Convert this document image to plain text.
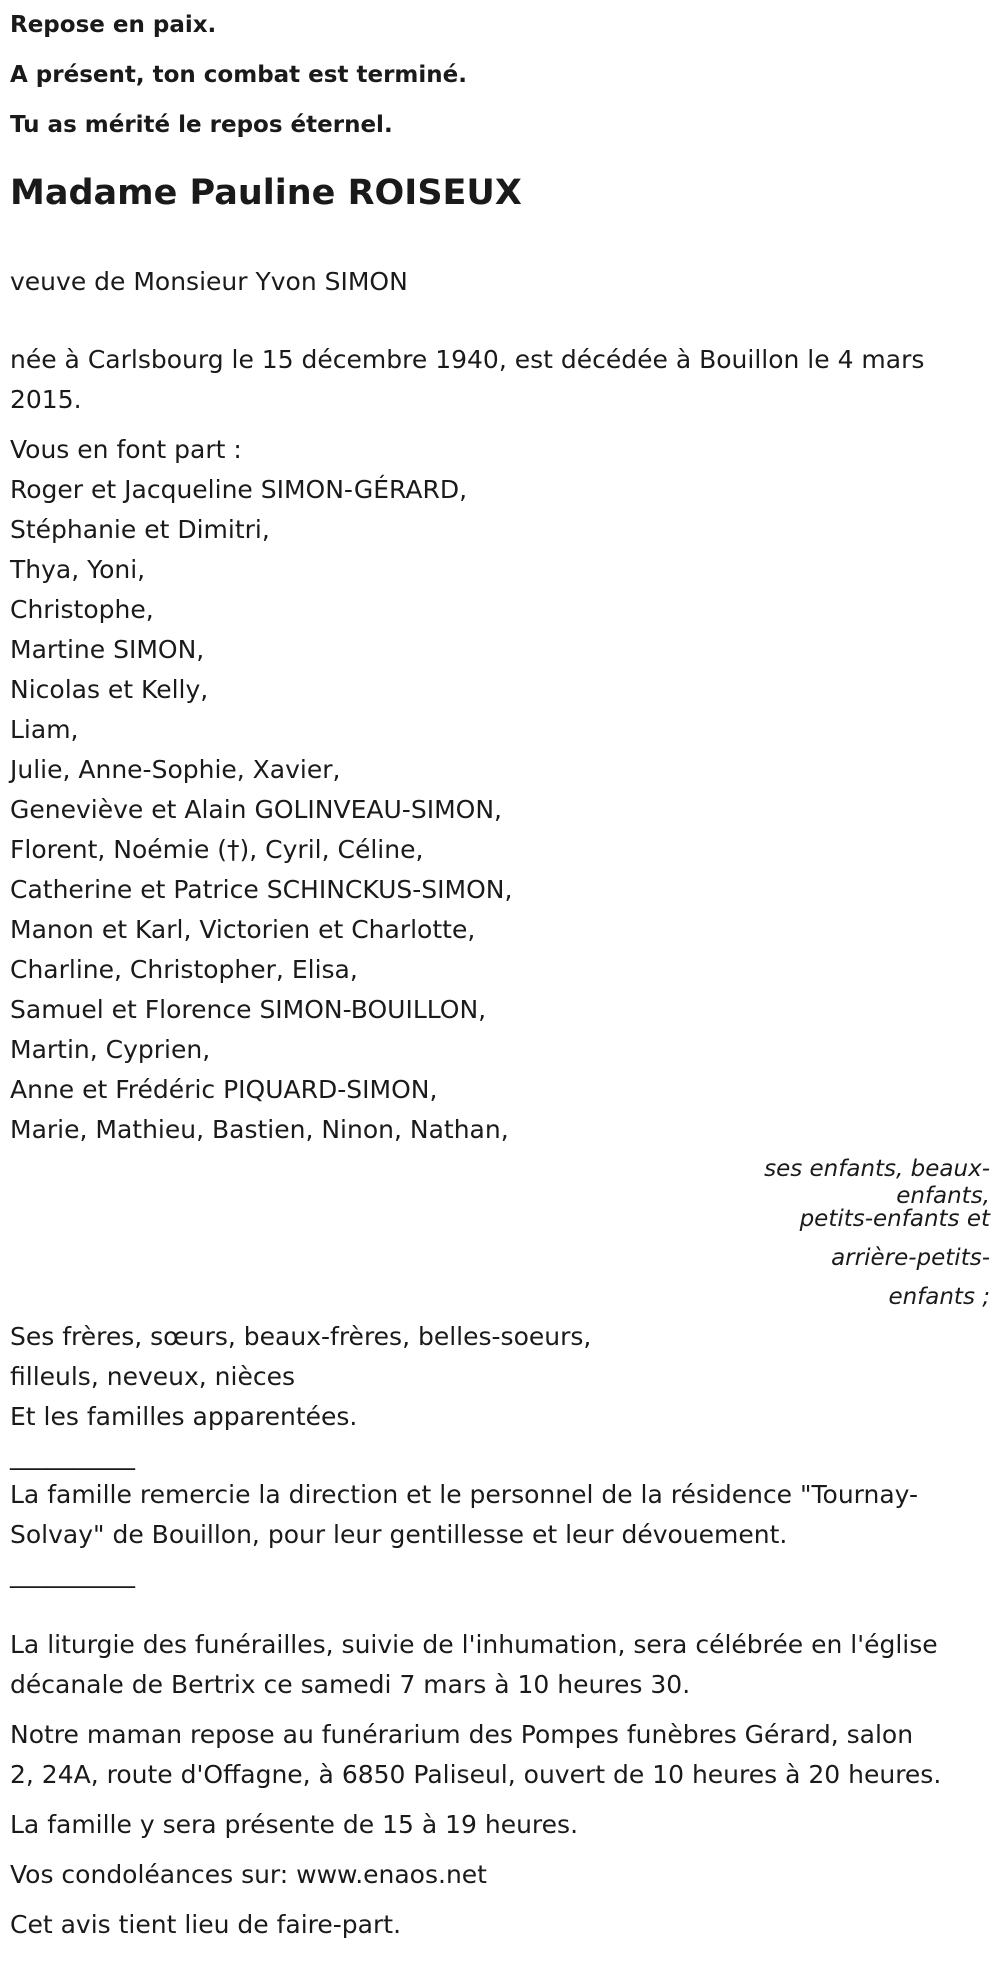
Repose en paix.

A présent, ton combat est terminé.

Tu as mérité le repos éternel.

Madame Pauline ROISEUX

veuve de Monsieur Yvon SIMON

née à Carlsbourg le 15 décembre 1940, est décédée à Bouillon le 4 mars

2015.

Vous en font part :

Roger et Jacqueline SIMON-GÉRARD,

Stéphanie et Dimitri,

Thya, Yoni,

Christophe,

Martine SIMON,

Nicolas et Kelly,

Liam,

Julie, Anne-Sophie, Xavier,

Geneviève et Alain GOLINVEAU-SIMON,

Florent, Noémie (†), Cyril, Céline,

Catherine et Patrice SCHINCKUS-SIMON,

Manon et Karl, Victorien et Charlotte,

Charline, Christopher, Elisa,

Samuel et Florence SIMON-BOUILLON,

Martin, Cyprien,

Anne et Frédéric PIQUARD-SIMON,

Marie, Mathieu, Bastien, Ninon, Nathan,

ses enfants, beaux-
enfants,
petits-enfants et
arrière-petits-
enfants ;

Ses frères, sœurs, beaux-frères, belles-soeurs,

filleuls, neveux, nièces

Et les familles apparentées.

__________

La famille remercie la direction et le personnel de la résidence "Tournay-

Solvay" de Bouillon, pour leur gentillesse et leur dévouement.

__________

La liturgie des funérailles, suivie de l'inhumation, sera célébrée en l'église

décanale de Bertrix ce samedi 7 mars à 10 heures 30.

Notre maman repose au funérarium des Pompes funèbres Gérard, salon

2, 24A, route d'Offagne, à 6850 Paliseul, ouvert de 10 heures à 20 heures.

La famille y sera présente de 15 à 19 heures.

Vos condoléances sur: www.enaos.net

Cet avis tient lieu de faire-part.
